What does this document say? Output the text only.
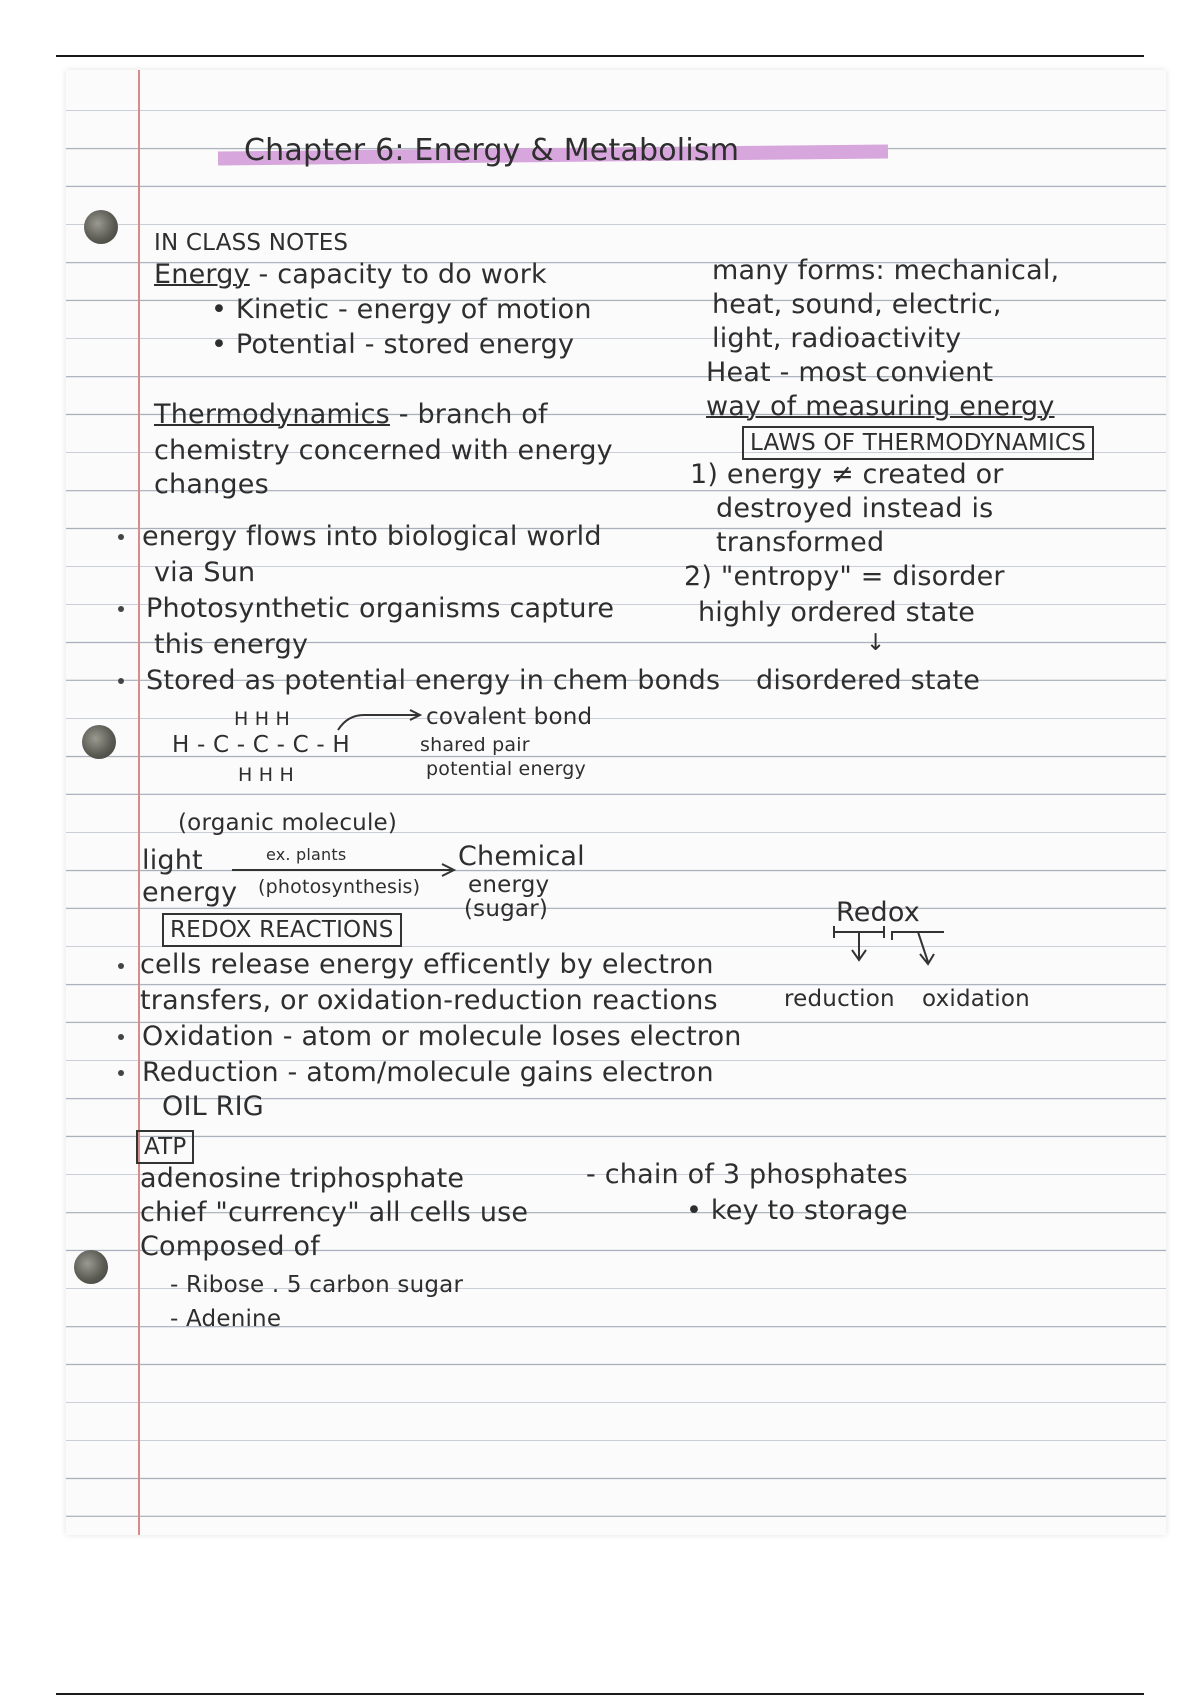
Chapter 6: Energy & Metabolism
IN CLASS NOTES
Energy - capacity to do work
• Kinetic - energy of motion
• Potential - stored energy
Thermodynamics - branch of
chemistry concerned with energy
changes
energy flows into biological world
via Sun
Photosynthetic organisms capture
this energy
Stored as potential energy in chem bonds
H H H
H - C - C - C - H
H H H
covalent bond
shared pair
potential energy
(organic molecule)
light
energy
ex. plants
(photosynthesis)
Chemical
energy
(sugar)
REDOX REACTIONS
cells release energy efficently by electron
transfers, or oxidation-reduction reactions
Oxidation - atom or molecule loses electron
Reduction - atom/molecule gains electron
OIL RIG
ATP
adenosine triphosphate
chief "currency" all cells use
Composed of
- Ribose . 5 carbon sugar
- Adenine
many forms: mechanical,
heat, sound, electric,
light, radioactivity
Heat - most convient
way of measuring energy
LAWS OF THERMODYNAMICS
1) energy ≠ created or
destroyed instead is
transformed
2) "entropy" = disorder
highly ordered state
↓
disordered state
Redox
reduction oxidation
- chain of 3 phosphates
• key to storage
